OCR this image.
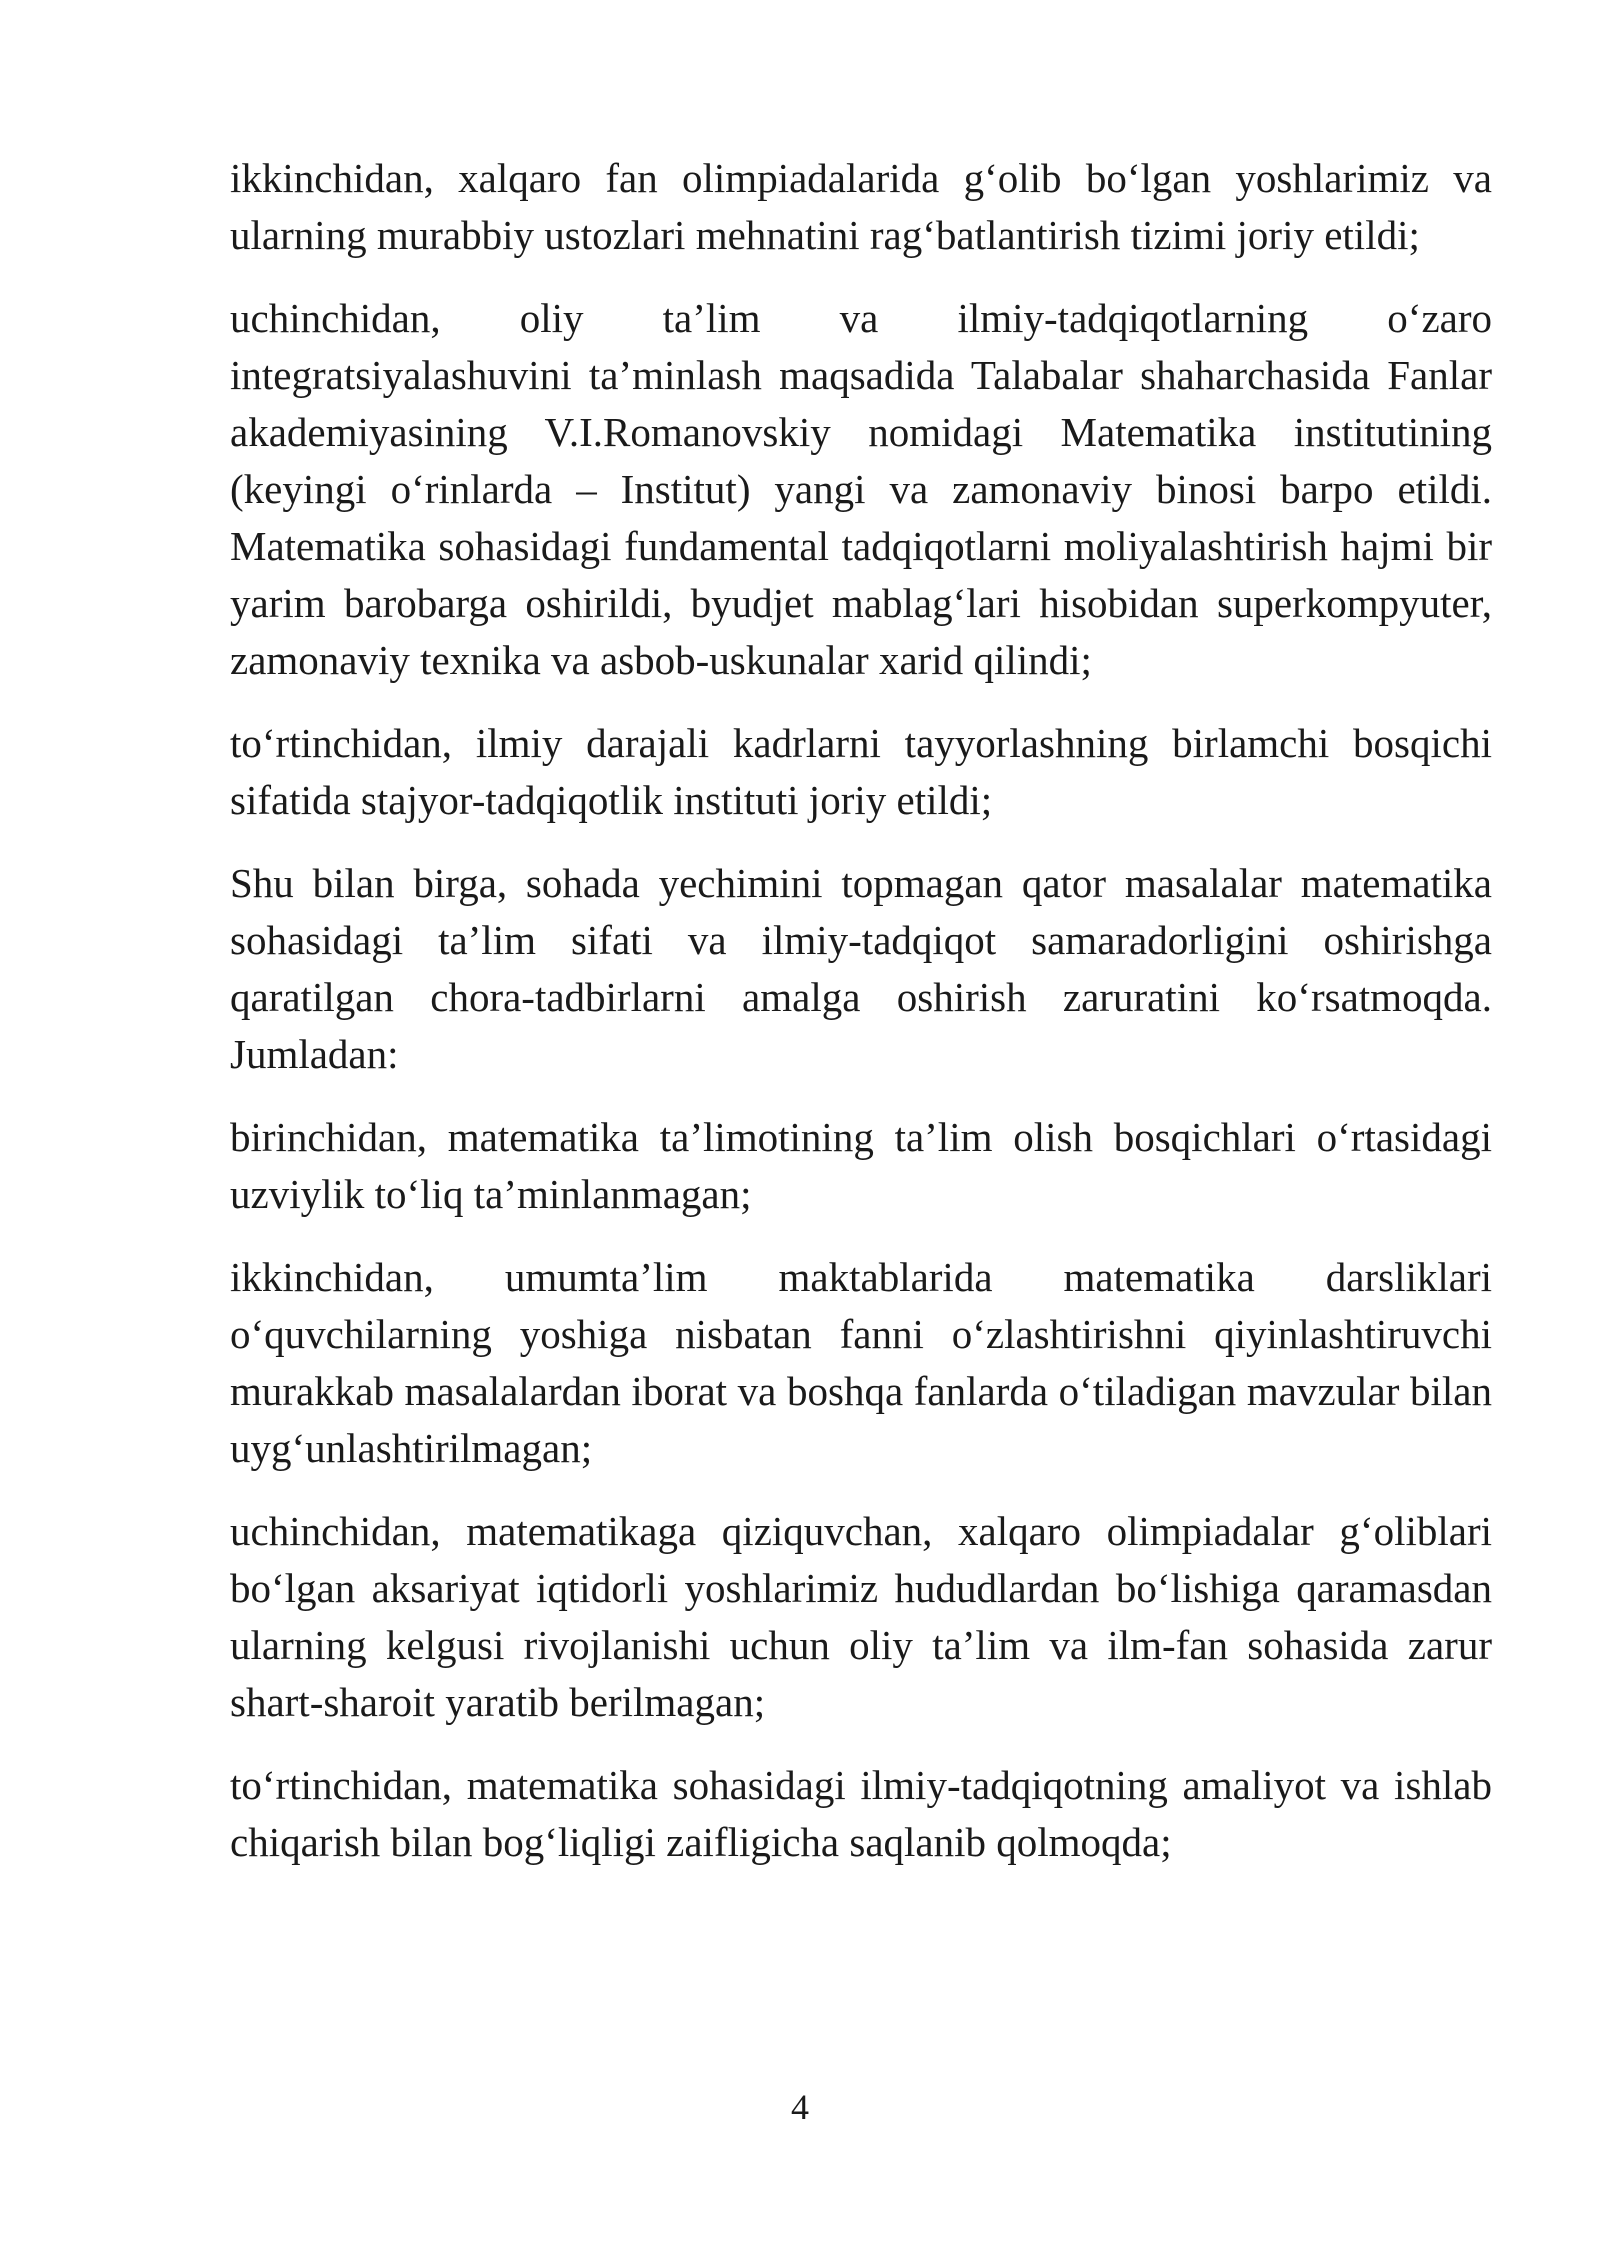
ikkinchidan, xalqaro fan olimpiadalarida g‘olib bo‘lgan yoshlarimiz va ularning murabbiy ustozlari mehnatini rag‘batlantirish tizimi joriy etildi;

uchinchidan, oliy ta’lim va ilmiy-tadqiqotlarning o‘zaro integratsiyalashuvini ta’minlash maqsadida Talabalar shaharchasida Fanlar akademiyasining V.I.Romanovskiy nomidagi Matematika institutining (keyingi o‘rinlarda – Institut) yangi va zamonaviy binosi barpo etildi. Matematika sohasidagi fundamental tadqiqotlarni moliyalashtirish hajmi bir yarim barobarga oshirildi, byudjet mablag‘lari hisobidan superkompyuter, zamonaviy texnika va asbob-uskunalar xarid qilindi;

to‘rtinchidan, ilmiy darajali kadrlarni tayyorlashning birlamchi bosqichi sifatida stajyor-tadqiqotlik instituti joriy etildi;

Shu bilan birga, sohada yechimini topmagan qator masalalar matematika sohasidagi ta’lim sifati va ilmiy-tadqiqot samaradorligini oshirishga qaratilgan chora-tadbirlarni amalga oshirish zaruratini ko‘rsatmoqda. Jumladan:

birinchidan, matematika ta’limotining ta’lim olish bosqichlari o‘rtasidagi uzviylik to‘liq ta’minlanmagan;

ikkinchidan, umumta’lim maktablarida matematika darsliklari o‘quvchilarning yoshiga nisbatan fanni o‘zlashtirishni qiyinlashtiruvchi murakkab masalalardan iborat va boshqa fanlarda o‘tiladigan mavzular bilan uyg‘unlashtirilmagan;

uchinchidan, matematikaga qiziquvchan, xalqaro olimpiadalar g‘oliblari bo‘lgan aksariyat iqtidorli yoshlarimiz hududlardan bo‘lishiga qaramasdan ularning kelgusi rivojlanishi uchun oliy ta’lim va ilm-fan sohasida zarur shart-sharoit yaratib berilmagan;

to‘rtinchidan, matematika sohasidagi ilmiy-tadqiqotning amaliyot va ishlab chiqarish bilan bog‘liqligi zaifligicha saqlanib qolmoqda;

4
